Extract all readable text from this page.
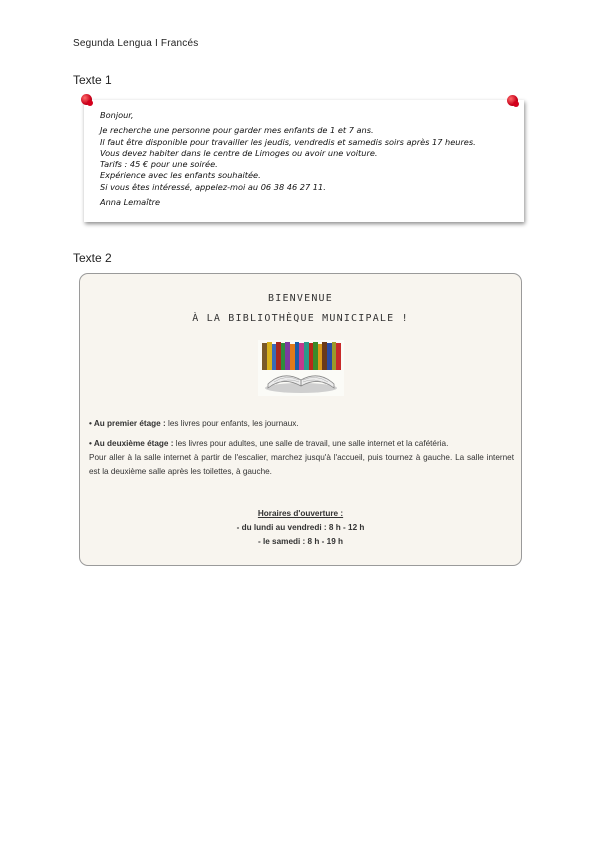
Segunda Lengua I Francés
Texte 1
Bonjour,
Je recherche une personne pour garder mes enfants de 1 et 7 ans.
Il faut être disponible pour travailler les jeudis, vendredis et samedis soirs après 17 heures.
Vous devez habiter dans le centre de Limoges ou avoir une voiture.
Tarifs : 45 € pour une soirée.
Expérience avec les enfants souhaitée.
Si vous êtes intéressé, appelez-moi au 06 38 46 27 11.
Anna Lemaître
Texte 2
BIENVENUE
À LA BIBLIOTHÈQUE MUNICIPALE !

• Au premier étage : les livres pour enfants, les journaux.

• Au deuxième étage : les livres pour adultes, une salle de travail, une salle internet et la cafétéria.

Pour aller à la salle internet à partir de l'escalier, marchez jusqu'à l'accueil, puis tournez à gauche. La salle internet est la deuxième salle après les toilettes, à gauche.

Horaires d'ouverture :
- du lundi au vendredi : 8 h - 12 h
- le samedi : 8 h - 19 h
